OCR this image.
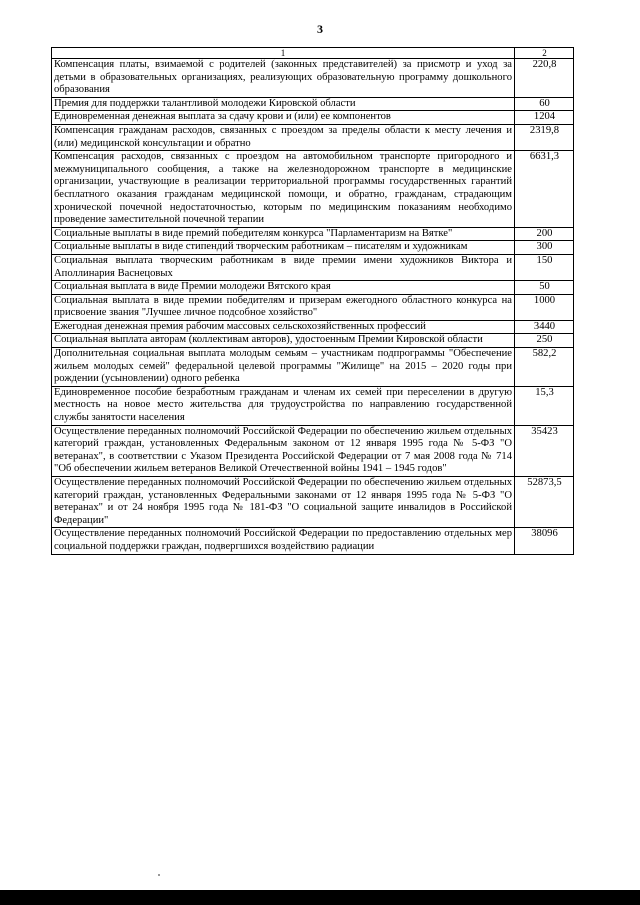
3
1	2
Компенсация платы, взимаемой с родителей (законных представителей) за присмотр и уход за детьми в образовательных организациях, реализующих образовательную программу дошкольного образования	220,8
Премия для поддержки талантливой молодежи Кировской области	60
Единовременная денежная выплата за сдачу крови и (или) ее компонентов	1204
Компенсация гражданам расходов, связанных с проездом за пределы области к месту лечения и (или) медицинской консультации и обратно	2319,8
Компенсация расходов, связанных с проездом на автомобильном транспорте пригородного и межмуниципального сообщения, а также на железнодорожном транспорте в медицинские организации, участвующие в реализации территориальной программы государственных гарантий бесплатного оказания гражданам медицинской помощи, и обратно, гражданам, страдающим хронической почечной недостаточностью, которым по медицинским показаниям необходимо проведение заместительной почечной терапии	6631,3
Социальные выплаты в виде премий победителям конкурса "Парламентаризм на Вятке"	200
Социальные выплаты в виде стипендий творческим работникам – писателям и художникам	300
Социальная выплата творческим работникам в виде премии имени художников Виктора и Аполлинария Васнецовых	150
Социальная выплата в виде Премии молодежи Вятского края	50
Социальная выплата в виде премии победителям и призерам ежегодного областного конкурса на присвоение звания "Лучшее личное подсобное хозяйство"	1000
Ежегодная денежная премия рабочим массовых сельскохозяйственных профессий	3440
Социальная выплата авторам (коллективам авторов), удостоенным Премии Кировской области	250
Дополнительная социальная выплата молодым семьям – участникам подпрограммы "Обеспечение жильем молодых семей" федеральной целевой программы "Жилище" на 2015 – 2020 годы при рождении (усыновлении) одного ребенка	582,2
Единовременное пособие безработным гражданам и членам их семей при переселении в другую местность на новое место жительства для трудоустройства по направлению государственной службы занятости населения	15,3
Осуществление переданных полномочий Российской Федерации по обеспечению жильем отдельных категорий граждан, установленных Федеральным законом от 12 января 1995 года № 5-ФЗ "О ветеранах", в соответствии с Указом Президента Российской Федерации от 7 мая 2008 года № 714 "Об обеспечении жильем ветеранов Великой Отечественной войны 1941 – 1945 годов"	35423
Осуществление переданных полномочий Российской Федерации по обеспечению жильем отдельных категорий граждан, установленных Федеральными законами от 12 января 1995 года № 5-ФЗ "О ветеранах" и от 24 ноября 1995 года № 181-ФЗ "О социальной защите инвалидов в Российской Федерации"	52873,5
Осуществление переданных полномочий Российской Федерации по предоставлению отдельных мер социальной поддержки граждан, подвергшихся воздействию радиации	38096
